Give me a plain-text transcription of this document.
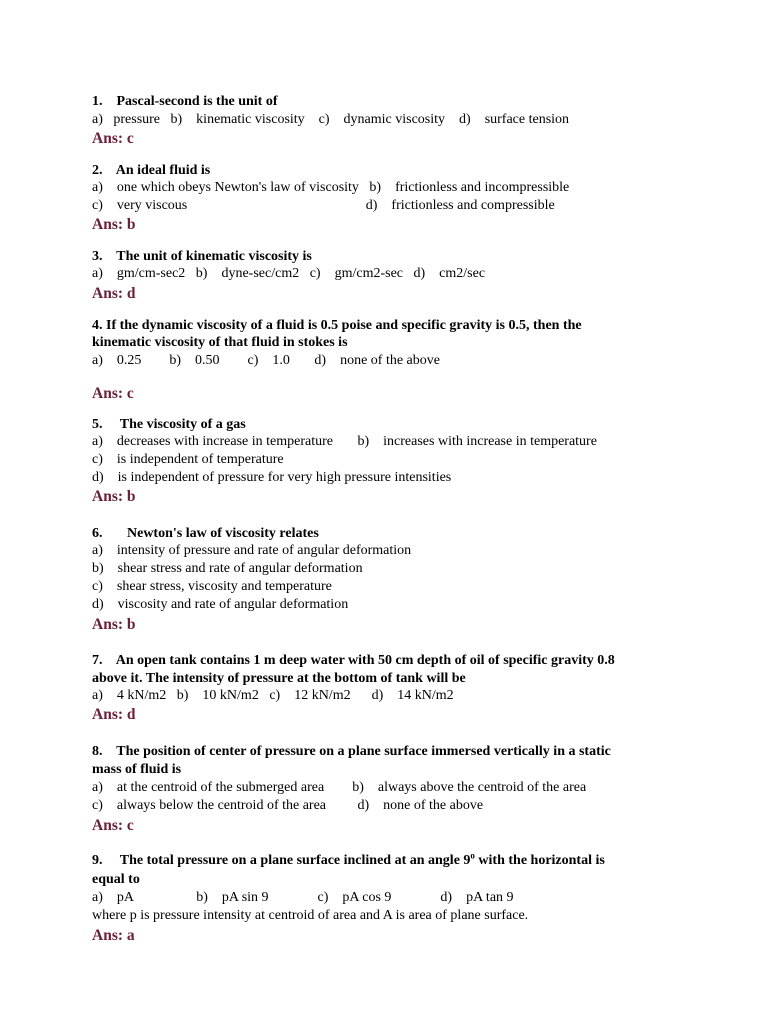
1.    Pascal-second is the unit of
a)   pressure   b)    kinematic viscosity    c)    dynamic viscosity    d)    surface tension
Ans: c
2.    An ideal fluid is
a)    one which obeys Newton's law of viscosity   b)    frictionless and incompressible
c)    very viscous                                                   d)    frictionless and compressible
Ans: b
3.    The unit of kinematic viscosity is
a)    gm/cm-sec2   b)    dyne-sec/cm2   c)    gm/cm2-sec   d)    cm2/sec
Ans: d
4. If the dynamic viscosity of a fluid is 0.5 poise and specific gravity is 0.5, then the
kinematic viscosity of that fluid in stokes is
a)    0.25        b)    0.50        c)    1.0       d)    none of the above
Ans: c
5.     The viscosity of a gas
a)    decreases with increase in temperature       b)    increases with increase in temperature
c)    is independent of temperature
d)    is independent of pressure for very high pressure intensities
Ans: b
6.       Newton's law of viscosity relates
a)    intensity of pressure and rate of angular deformation
b)    shear stress and rate of angular deformation
c)    shear stress, viscosity and temperature
d)    viscosity and rate of angular deformation
Ans: b
7.    An open tank contains 1 m deep water with 50 cm depth of oil of specific gravity 0.8
above it. The intensity of pressure at the bottom of tank will be
a)    4 kN/m2   b)    10 kN/m2   c)    12 kN/m2      d)    14 kN/m2
Ans: d
8.    The position of center of pressure on a plane surface immersed vertically in a static
mass of fluid is
a)    at the centroid of the submerged area        b)    always above the centroid of the area
c)    always below the centroid of the area         d)    none of the above
Ans: c
9.     The total pressure on a plane surface inclined at an angle 9$^o$ with the horizontal is
equal to
a)    pA                  b)    pA sin 9              c)    pA cos 9              d)    pA tan 9
where p is pressure intensity at centroid of area and A is area of plane surface.
Ans: a
